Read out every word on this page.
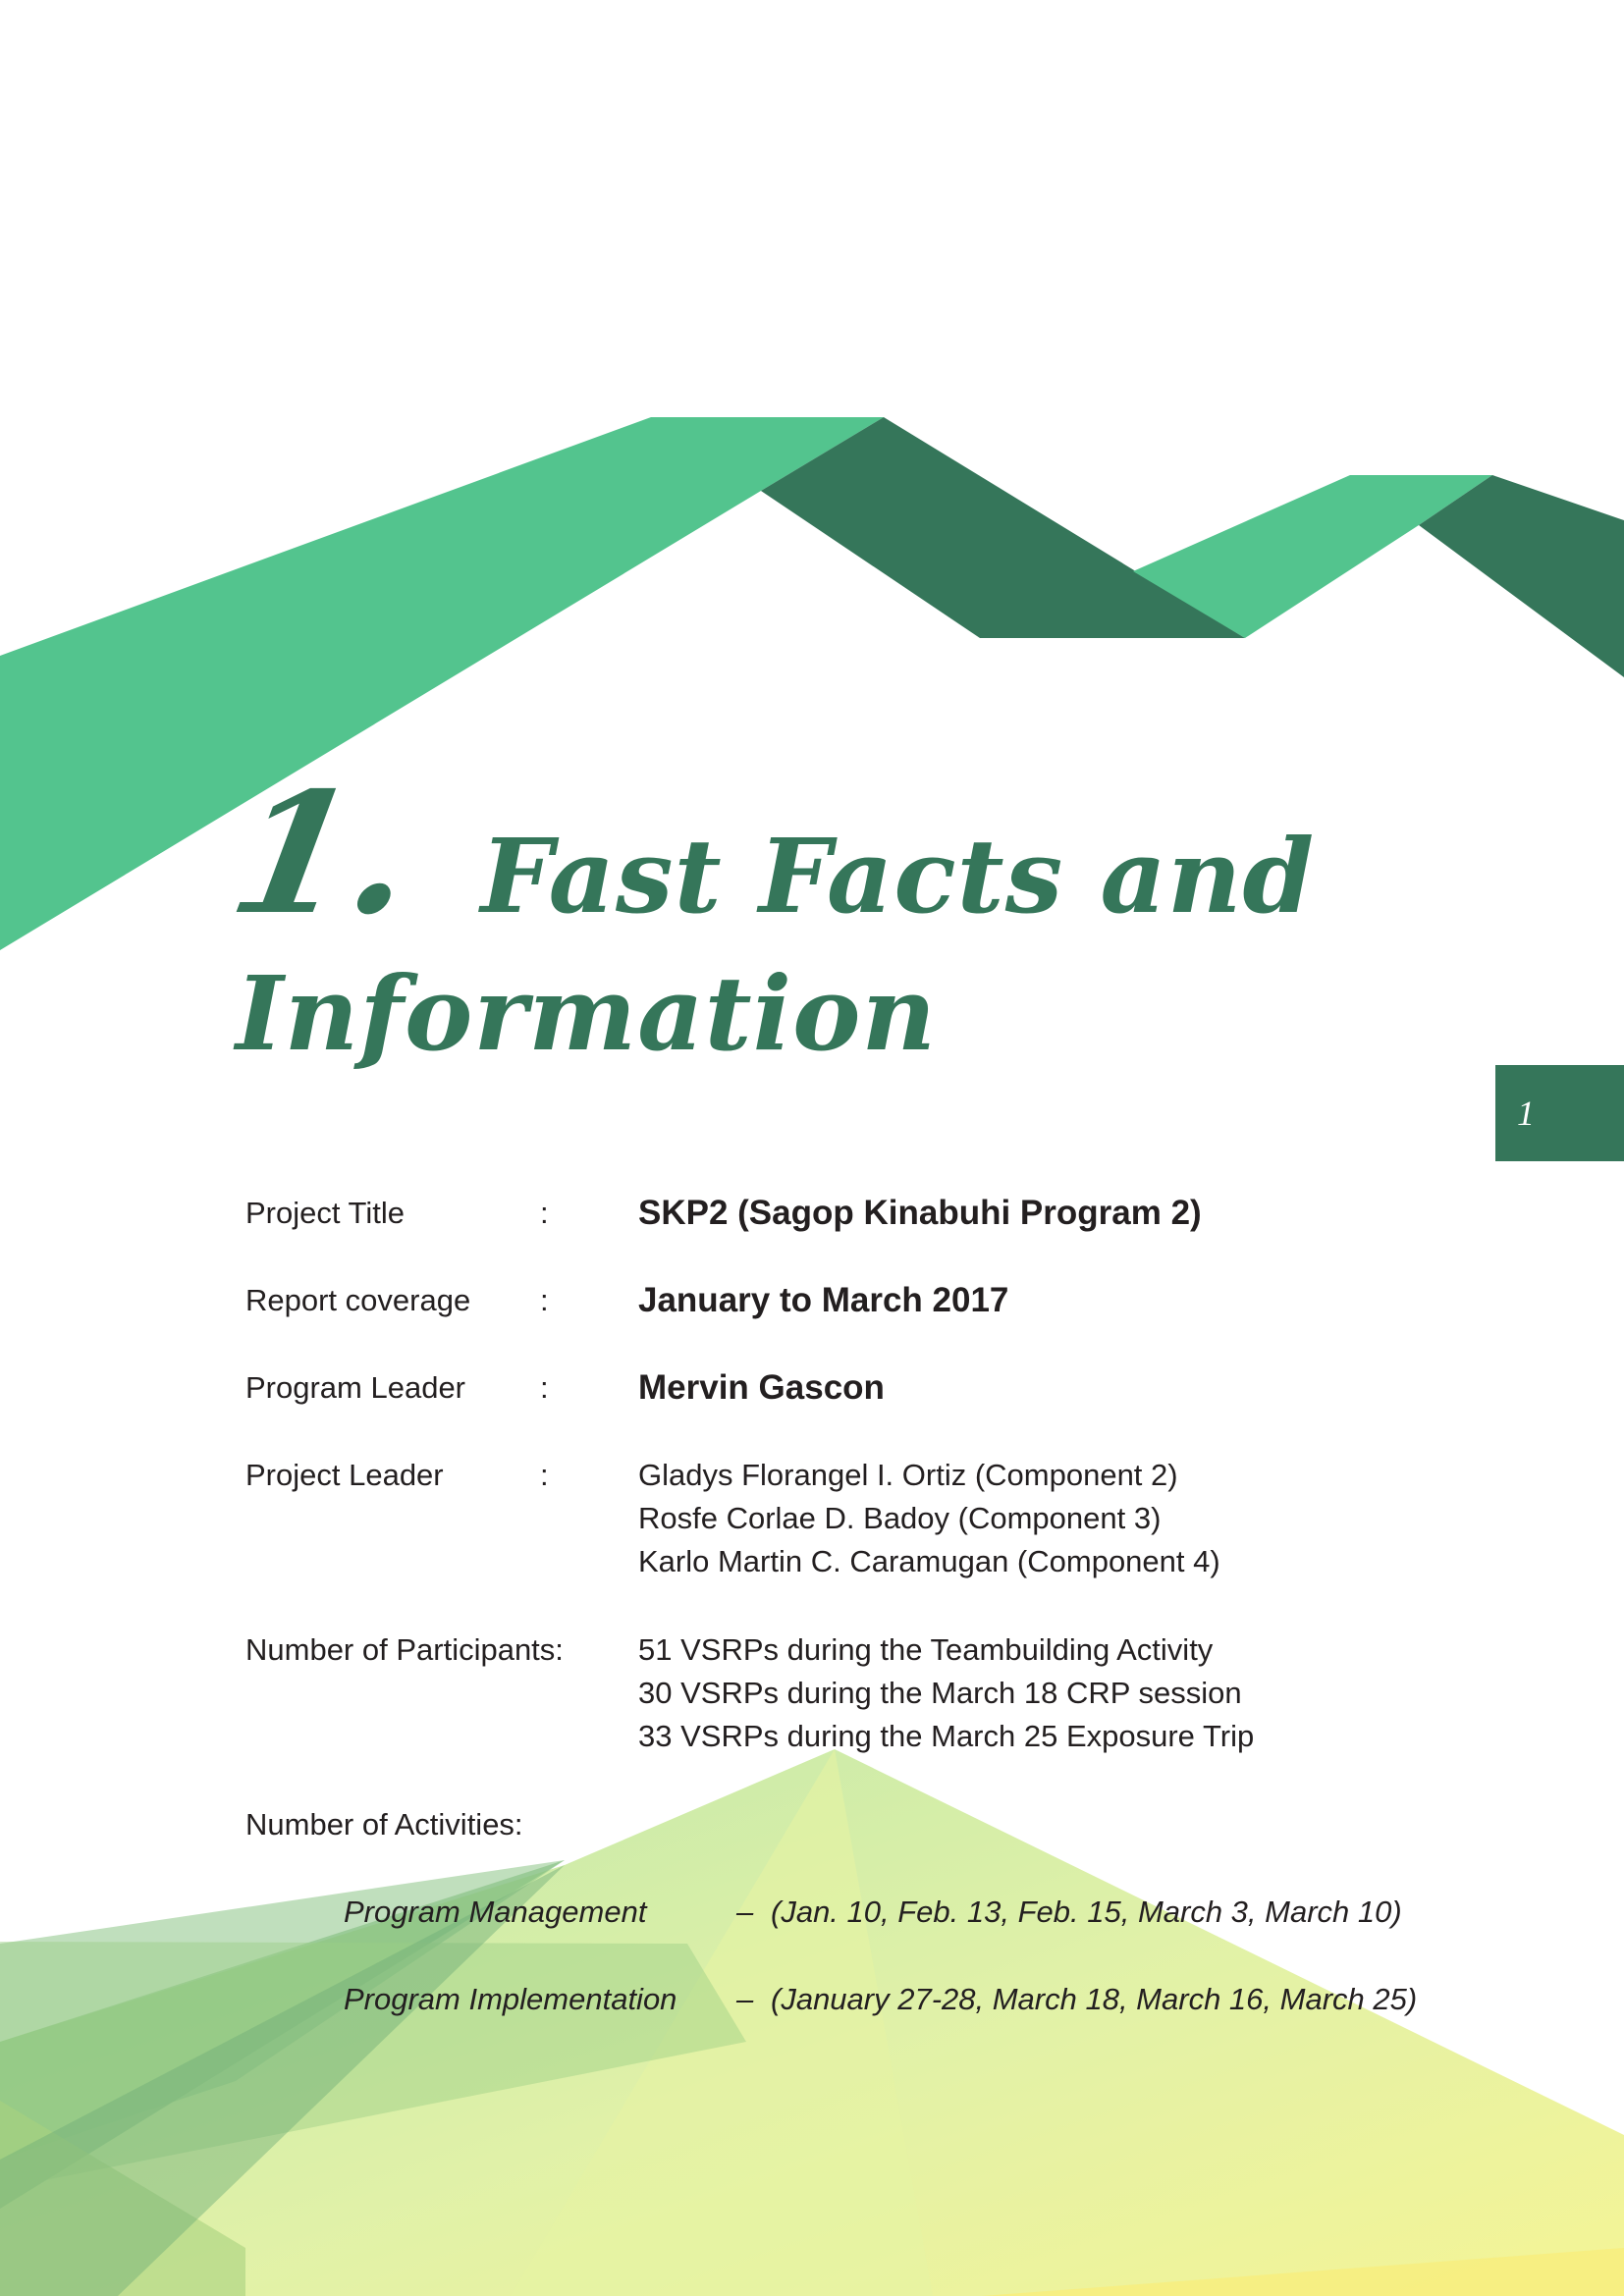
1. Fast Facts and
Information
1
Project Title	:	SKP2 (Sagop Kinabuhi Program 2)
Report coverage :	January to March 2017
Program Leader :	Mervin Gascon
Project Leader	:	Gladys Florangel I. Ortiz (Component 2)
Rosfe Corlae D. Badoy (Component 3)
Karlo Martin C. Caramugan (Component 4)
Number of Participants: 51 VSRPs during the Teambuilding Activity
30 VSRPs during the March 18 CRP session
33 VSRPs during the March 25 Exposure Trip
Number of Activities:
Program Management	– (Jan. 10, Feb. 13, Feb. 15, March 3, March 10)
Program Implementation – (January 27-28, March 18, March 16, March 25)
